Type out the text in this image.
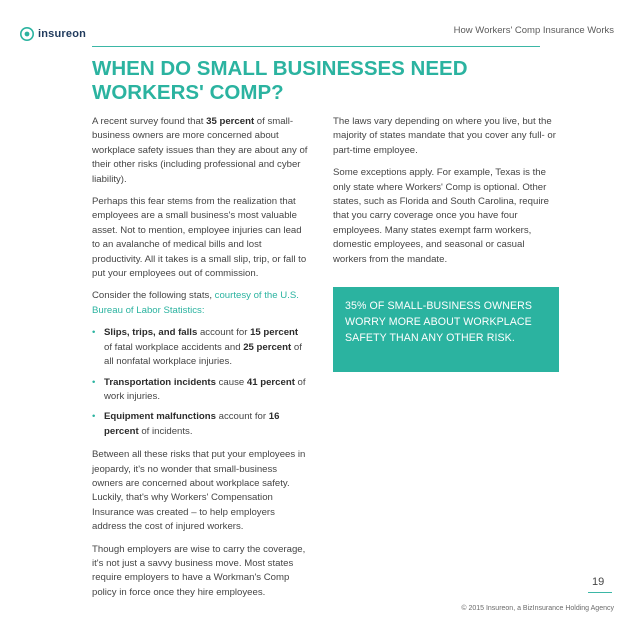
insureon	How Workers' Comp Insurance Works
WHEN DO SMALL BUSINESSES NEED WORKERS' COMP?

A recent survey found that 35 percent of small-business owners are more concerned about workplace safety issues than they are about any of their other risks (including professional and cyber liability).

Perhaps this fear stems from the realization that employees are a small business's most valuable asset. Not to mention, employee injuries can lead to an avalanche of medical bills and lost productivity. All it takes is a small slip, trip, or fall to put your employees out of commission.

Consider the following stats, courtesy of the U.S. Bureau of Labor Statistics:

• Slips, trips, and falls account for 15 percent of fatal workplace accidents and 25 percent of all nonfatal workplace injuries.
• Transportation incidents cause 41 percent of work injuries.
• Equipment malfunctions account for 16 percent of incidents.

Between all these risks that put your employees in jeopardy, it's no wonder that small-business owners are concerned about workplace safety. Luckily, that's why Workers' Compensation Insurance was created – to help employers address the cost of injured workers.

Though employers are wise to carry the coverage, it's not just a savvy business move. Most states require employers to have a Workman's Comp policy in force once they hire employees.

The laws vary depending on where you live, but the majority of states mandate that you cover any full- or part-time employee.

Some exceptions apply. For example, Texas is the only state where Workers' Comp is optional. Other states, such as Florida and South Carolina, require that you carry coverage once you have four employees. Many states exempt farm workers, domestic employees, and seasonal or casual workers from the mandate.

35% OF SMALL-BUSINESS OWNERS WORRY MORE ABOUT WORKPLACE SAFETY THAN ANY OTHER RISK.
19
© 2015 Insureon, a BizInsurance Holding Agency
